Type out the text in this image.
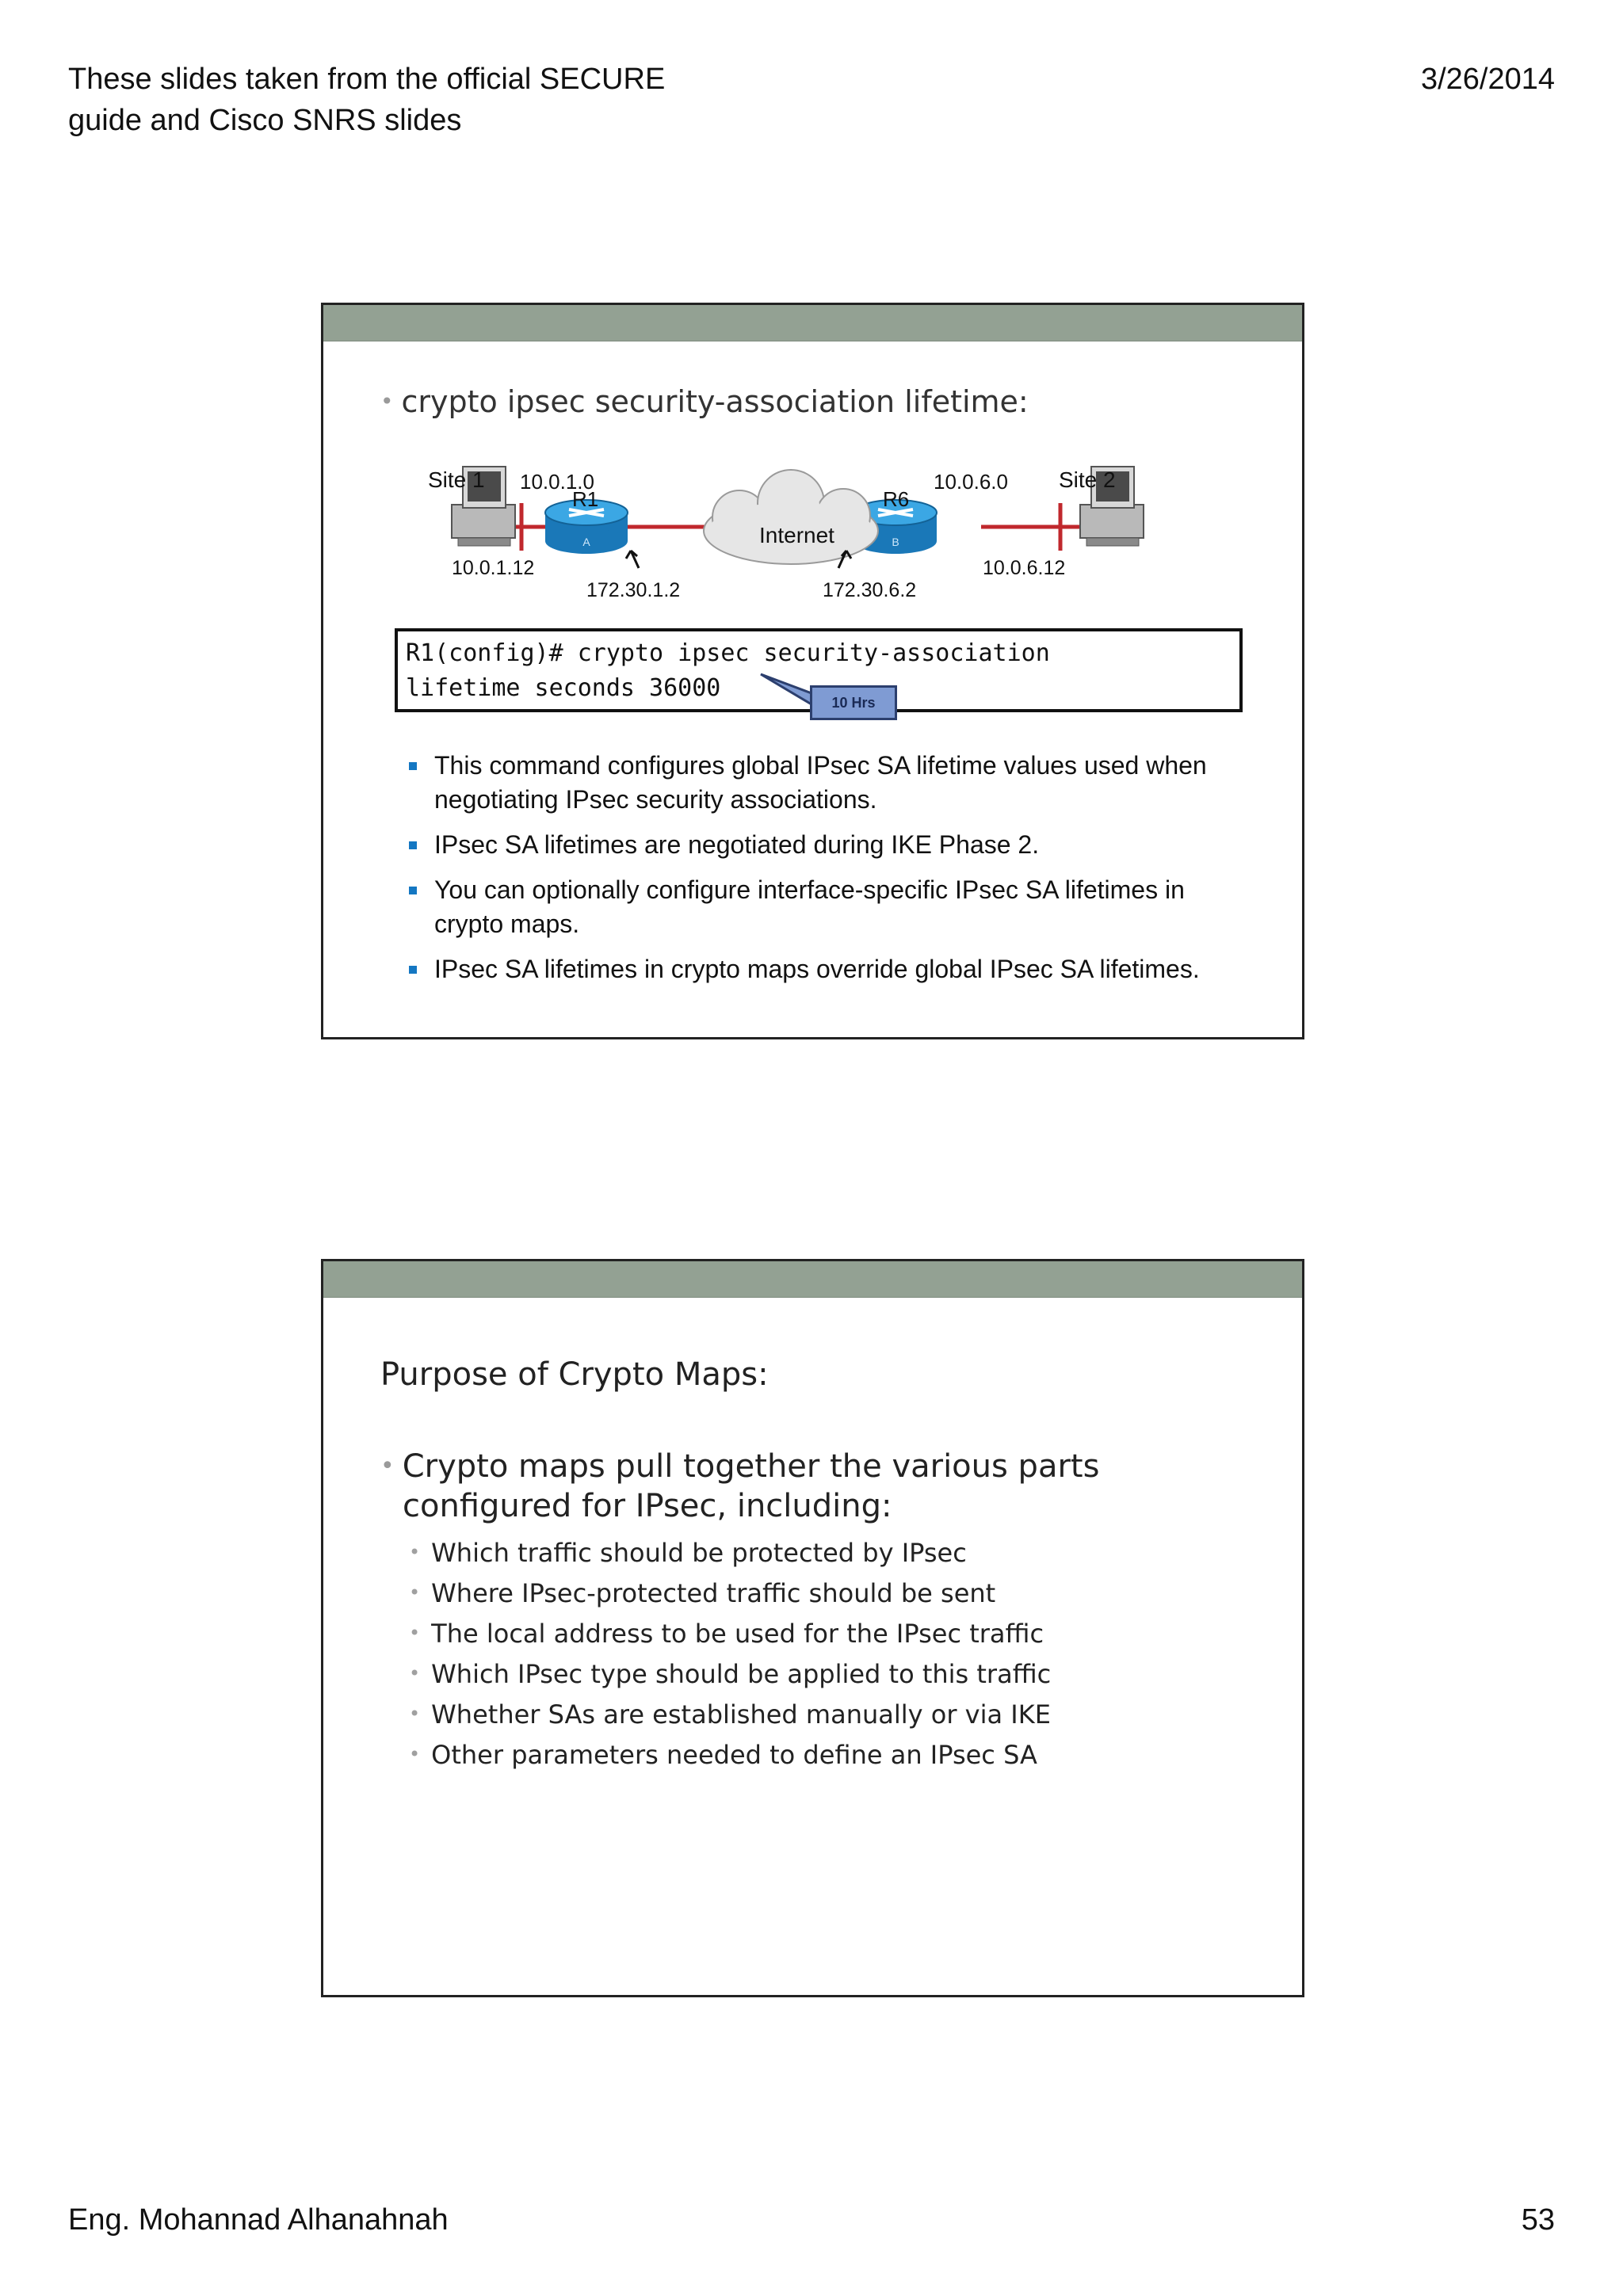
These slides taken from the official SECURE
guide and Cisco SNRS slides
3/26/2014
• crypto ipsec security-association lifetime:
A	B
Site 1 10.0.1.0
R1
Internet
R6
10.0.6.0 Site 2
10.0.1.12
172.30.1.2	172.30.6.2
10.0.6.12
R1(config)# crypto ipsec security-association
lifetime seconds 36000
10 Hrs
This command configures global IPsec SA lifetime values used when negotiating IPsec security associations.
IPsec SA lifetimes are negotiated during IKE Phase 2.
You can optionally configure interface-specific IPsec SA lifetimes in crypto maps.
IPsec SA lifetimes in crypto maps override global IPsec SA lifetimes.
Purpose of Crypto Maps:
• Crypto maps pull together the various parts configured for IPsec, including:
• Which traffic should be protected by IPsec
• Where IPsec-protected traffic should be sent
• The local address to be used for the IPsec traffic
• Which IPsec type should be applied to this traffic
• Whether SAs are established manually or via IKE
• Other parameters needed to define an IPsec SA
Eng. Mohannad Alhanahnah	53
